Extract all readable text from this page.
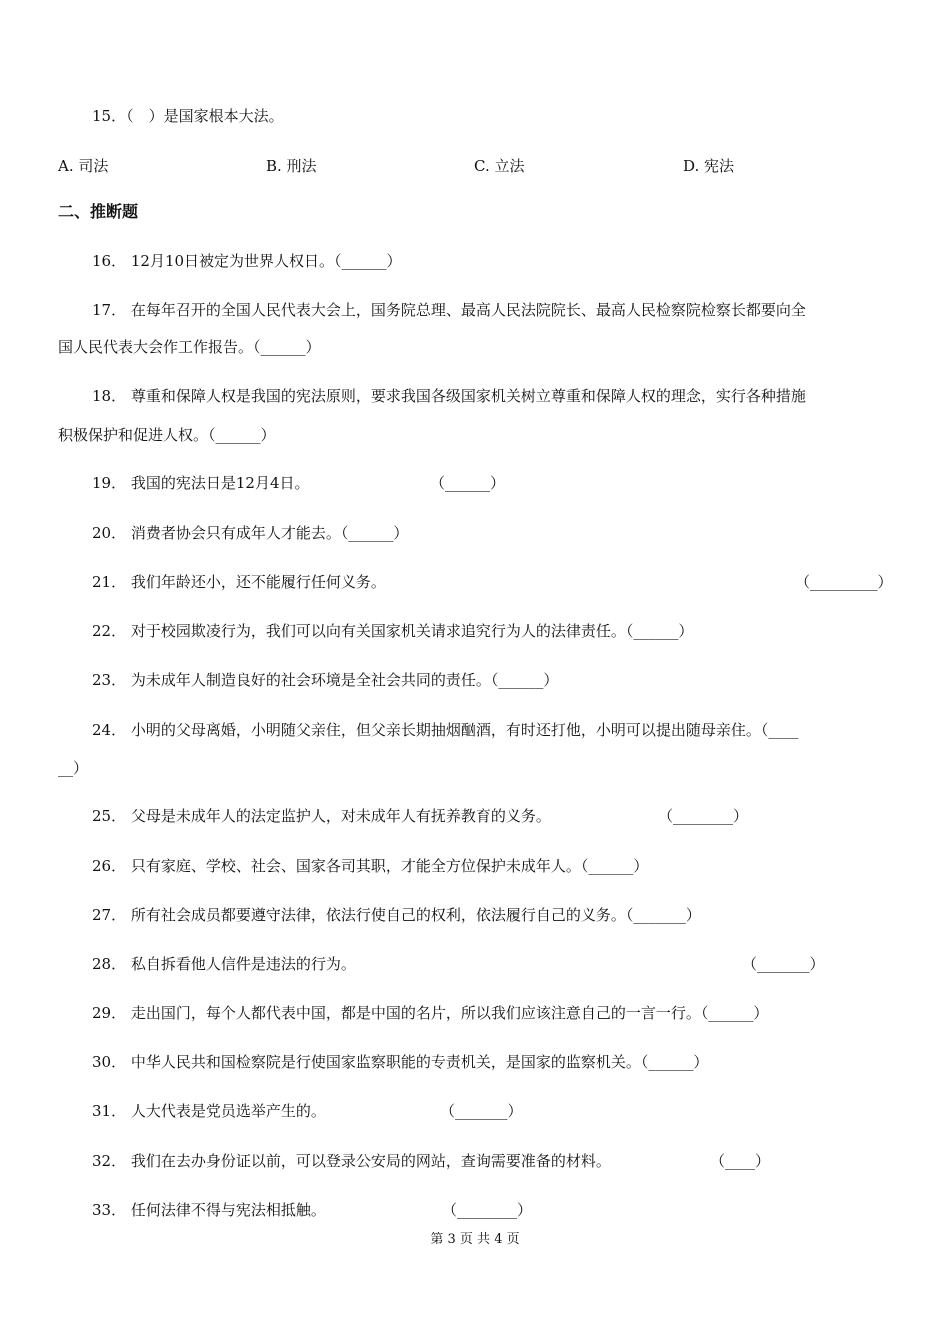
15．（　）是国家根本大法。
A. 司法	B. 刑法	C. 立法	D. 宪法
二、推断题
16． 12月10日被定为世界人权日。（______）
17． 在每年召开的全国人民代表大会上，国务院总理、最高人民法院院长、最高人民检察院检察长都要向全
国人民代表大会作工作报告。（______）
18． 尊重和保障人权是我国的宪法原则，要求我国各级国家机关树立尊重和保障人权的理念，实行各种措施
积极保护和促进人权。（______）
19． 我国的宪法日是12月4日。	（______）
20． 消费者协会只有成年人才能去。（______）
21． 我们年龄还小，还不能履行任何义务。	（_________）
22． 对于校园欺凌行为，我们可以向有关国家机关请求追究行为人的法律责任。（______）
23． 为未成年人制造良好的社会环境是全社会共同的责任。（______）
24． 小明的父母离婚，小明随父亲住，但父亲长期抽烟酗酒，有时还打他，小明可以提出随母亲住。（____
__）
25． 父母是未成年人的法定监护人，对未成年人有抚养教育的义务。	（________）
26． 只有家庭、学校、社会、国家各司其职，才能全方位保护未成年人。（______）
27． 所有社会成员都要遵守法律，依法行使自己的权利，依法履行自己的义务。（_______）
28． 私自拆看他人信件是违法的行为。	（_______）
29． 走出国门，每个人都代表中国，都是中国的名片，所以我们应该注意自己的一言一行。（______）
30． 中华人民共和国检察院是行使国家监察职能的专责机关，是国家的监察机关。（______）
31． 人大代表是党员选举产生的。	（_______）
32． 我们在去办身份证以前，可以登录公安局的网站，查询需要准备的材料。	（____）
33． 任何法律不得与宪法相抵触。	（________）
第 3 页 共 4 页
